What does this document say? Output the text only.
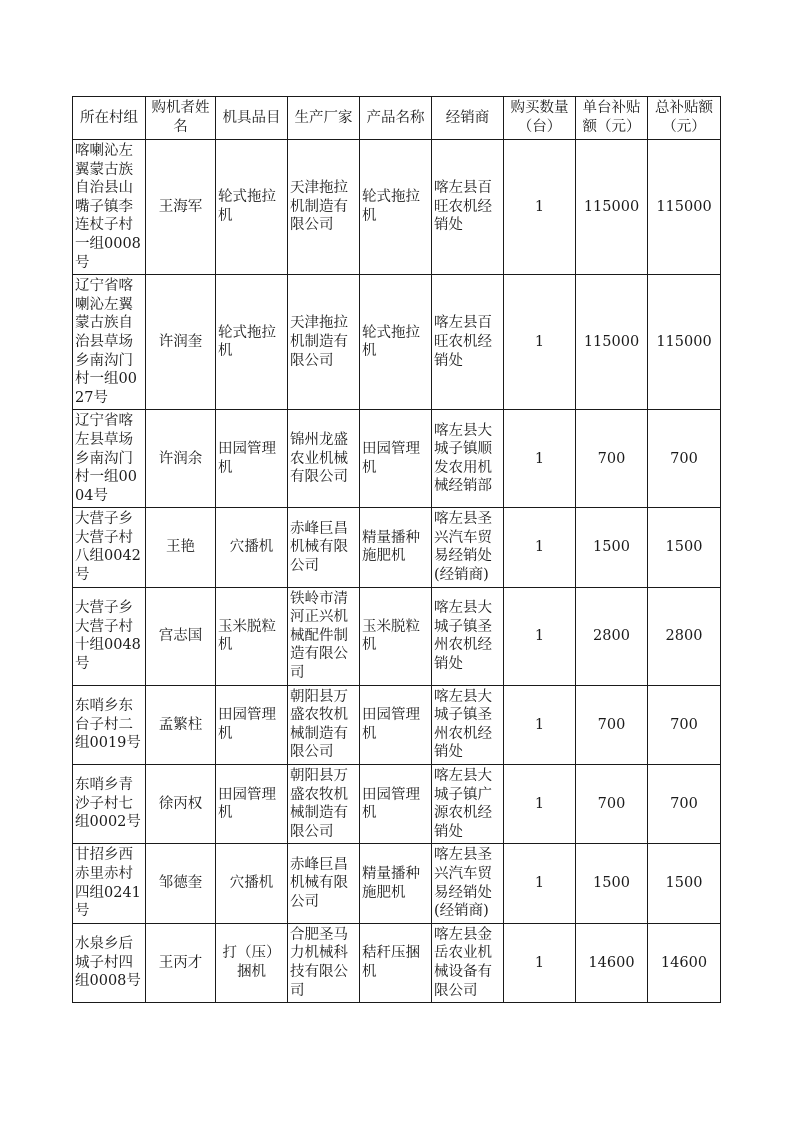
所在村组	购机者姓名	机具品目	生产厂家	产品名称	经销商	购买数量（台）	单台补贴额（元）	总补贴额（元）
喀喇沁左翼蒙古族自治县山嘴子镇李连杖子村一组0008号	王海军	轮式拖拉机	天津拖拉机制造有限公司	轮式拖拉机	喀左县百旺农机经销处	1	115000	115000
辽宁省喀喇沁左翼蒙古族自治县草场乡南沟门村一组0027号	许润奎	轮式拖拉机	天津拖拉机制造有限公司	轮式拖拉机	喀左县百旺农机经销处	1	115000	115000
辽宁省喀左县草场乡南沟门村一组0004号	许润余	田园管理机	锦州龙盛农业机械有限公司	田园管理机	喀左县大城子镇顺发农用机械经销部	1	700	700
大营子乡大营子村八组0042号	王艳	穴播机	赤峰巨昌机械有限公司	精量播种施肥机	喀左县圣兴汽车贸易经销处(经销商)	1	1500	1500
大营子乡大营子村十组0048号	宫志国	玉米脱粒机	铁岭市清河正兴机械配件制造有限公司	玉米脱粒机	喀左县大城子镇圣州农机经销处	1	2800	2800
东哨乡东台子村二组0019号	孟繁柱	田园管理机	朝阳县万盛农牧机械制造有限公司	田园管理机	喀左县大城子镇圣州农机经销处	1	700	700
东哨乡青沙子村七组0002号	徐丙权	田园管理机	朝阳县万盛农牧机械制造有限公司	田园管理机	喀左县大城子镇广源农机经销处	1	700	700
甘招乡西赤里赤村四组0241号	邹德奎	穴播机	赤峰巨昌机械有限公司	精量播种施肥机	喀左县圣兴汽车贸易经销处(经销商)	1	1500	1500
水泉乡后城子村四组0008号	王丙才	打（压）捆机	合肥圣马力机械科技有限公司	秸秆压捆机	喀左县金岳农业机械设备有限公司	1	14600	14600
